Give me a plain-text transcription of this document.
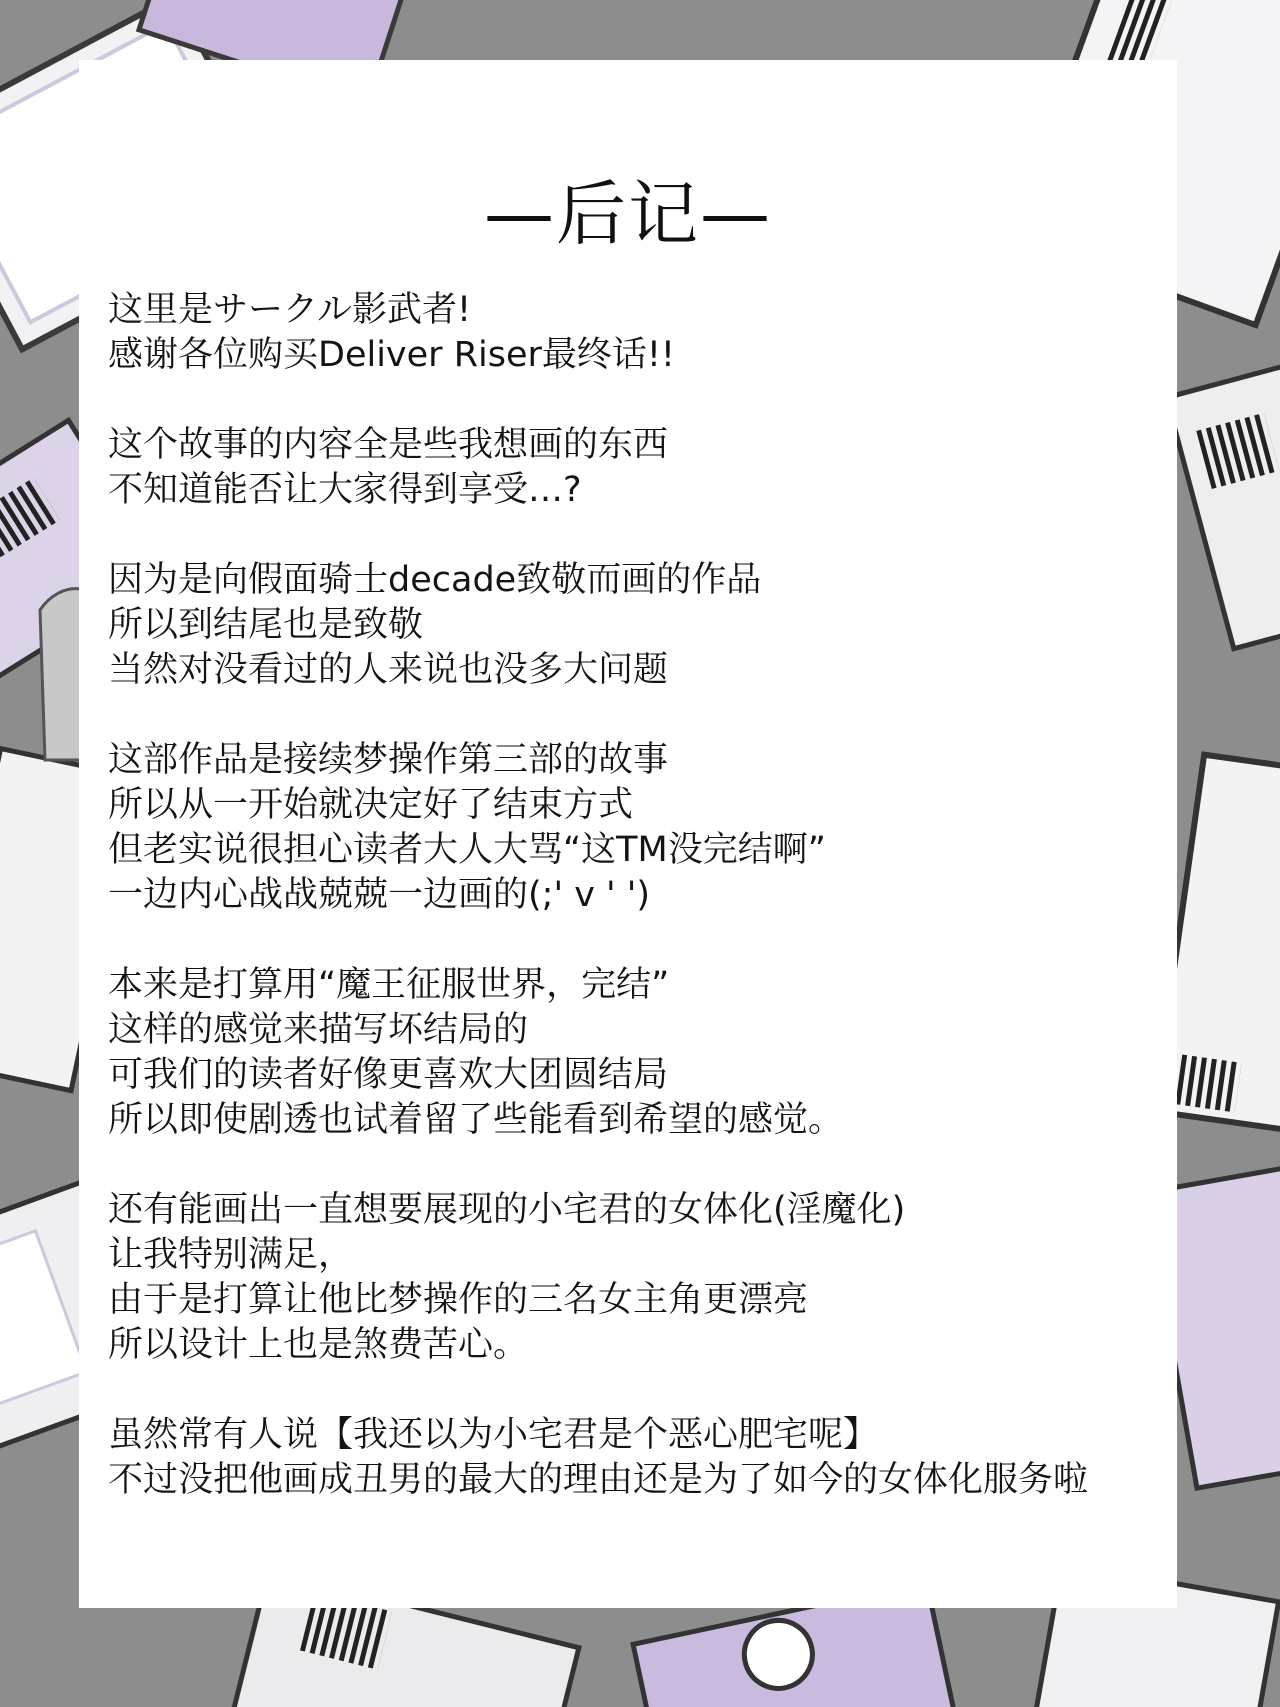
—后记—
这里是サークル影武者!
感谢各位购买Deliver Riser最终话!!
这个故事的内容全是些我想画的东西
不知道能否让大家得到享受…?
因为是向假面骑士decade致敬而画的作品
所以到结尾也是致敬
当然对没看过的人来说也没多大问题
这部作品是接续梦操作第三部的故事
所以从一开始就决定好了结束方式
但老实说很担心读者大人大骂“这TM没完结啊”
一边内心战战兢兢一边画的(;' v ' ')
本来是打算用“魔王征服世界，完结”
这样的感觉来描写坏结局的
可我们的读者好像更喜欢大团圆结局
所以即使剧透也试着留了些能看到希望的感觉。
还有能画出一直想要展现的小宅君的女体化(淫魔化)
让我特别满足，
由于是打算让他比梦操作的三名女主角更漂亮
所以设计上也是煞费苦心。
虽然常有人说【我还以为小宅君是个恶心肥宅呢】
不过没把他画成丑男的最大的理由还是为了如今的女体化服务啦
